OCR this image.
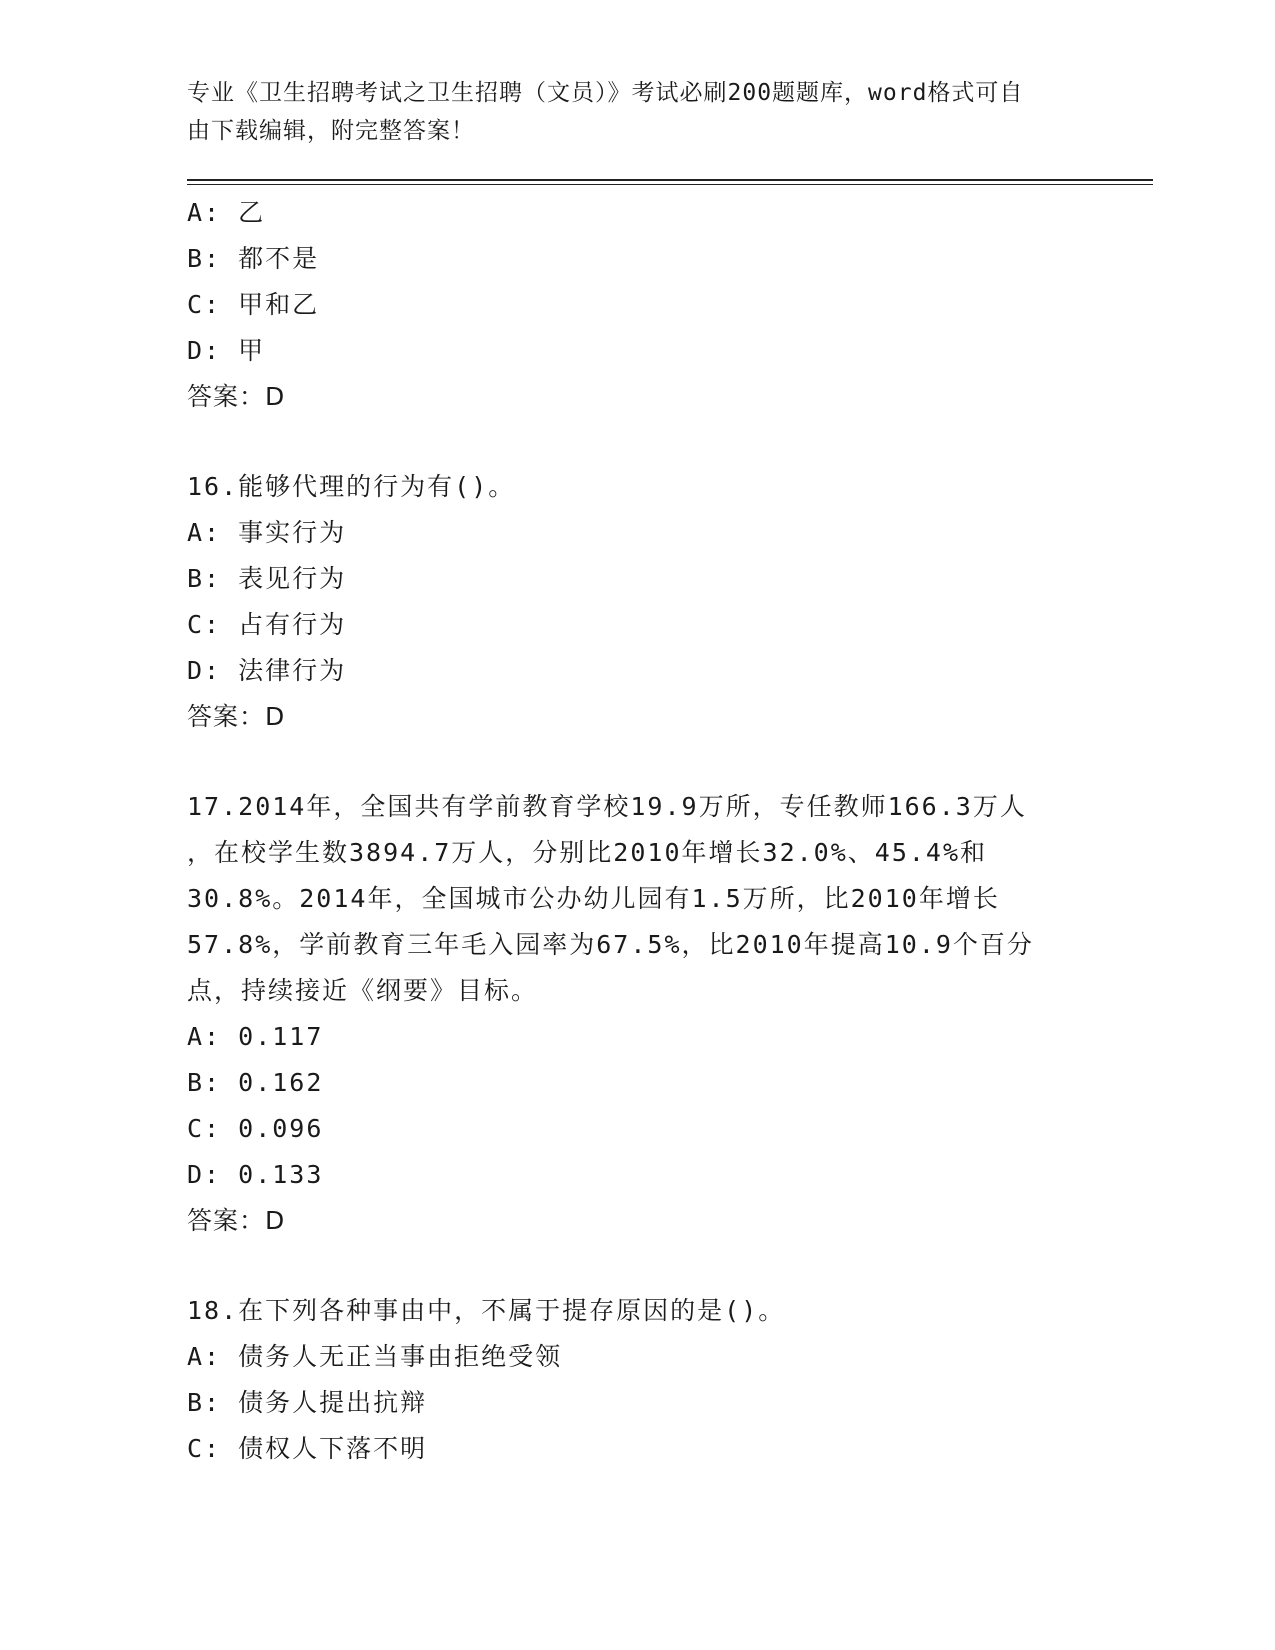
专业《卫生招聘考试之卫生招聘（文员）》考试必刷200题题库，word格式可自
由下载编辑，附完整答案！
A: 乙
B: 都不是
C: 甲和乙
D: 甲
答案：D
16.能够代理的行为有()。
A: 事实行为
B: 表见行为
C: 占有行为
D: 法律行为
答案：D
17.2014年，全国共有学前教育学校19.9万所，专任教师166.3万人
，在校学生数3894.7万人，分别比2010年增长32.0%、45.4%和
30.8%。2014年，全国城市公办幼儿园有1.5万所，比2010年增长
57.8%，学前教育三年毛入园率为67.5%，比2010年提高10.9个百分
点，持续接近《纲要》目标。
A: 0.117
B: 0.162
C: 0.096
D: 0.133
答案：D
18.在下列各种事由中，不属于提存原因的是()。
A: 债务人无正当事由拒绝受领
B: 债务人提出抗辩
C: 债权人下落不明
